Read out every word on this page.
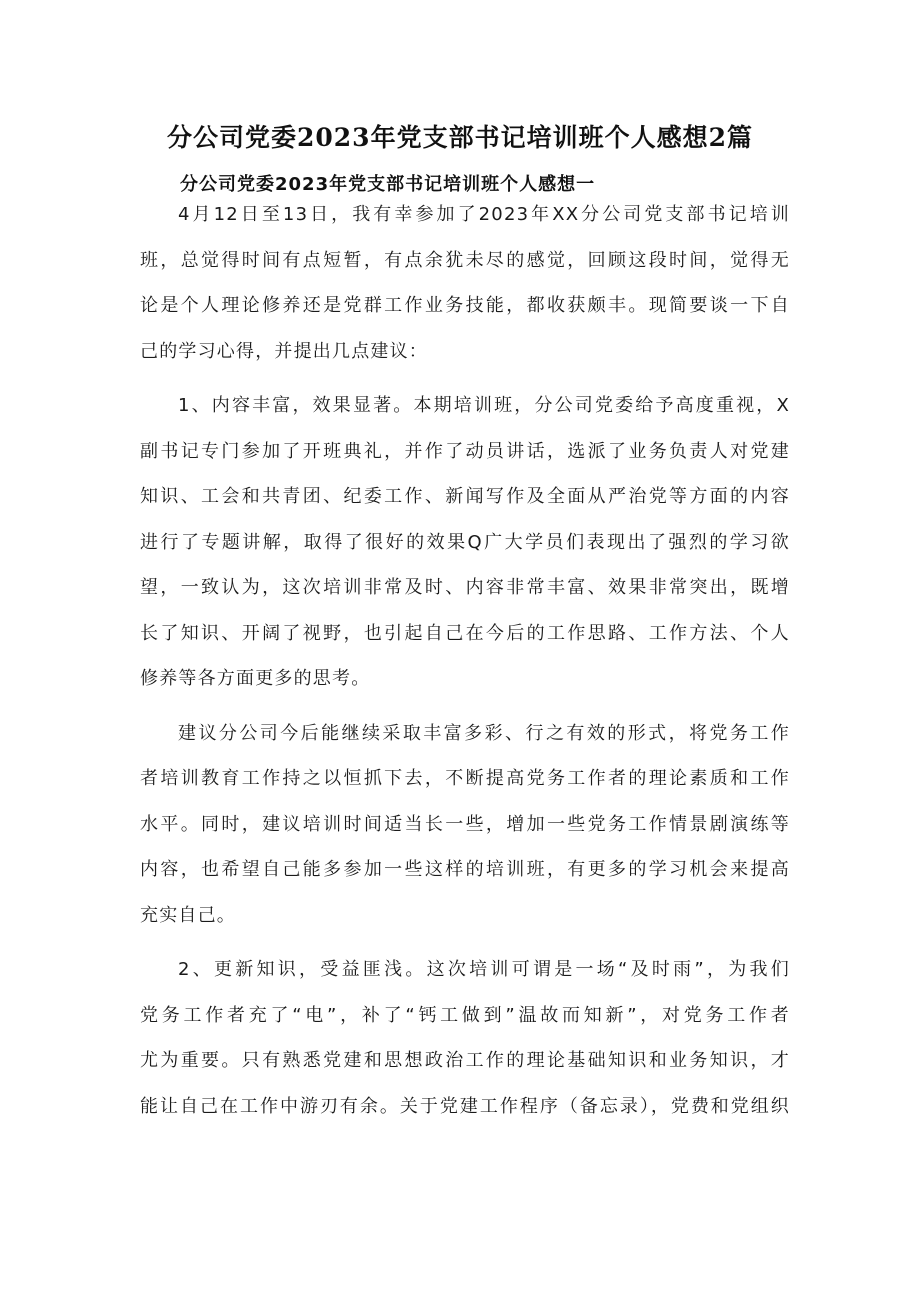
分公司党委2023年党支部书记培训班个人感想2篇
分公司党委2023年党支部书记培训班个人感想一

4月12日至13日，我有幸参加了2023年XX分公司党支部书记培训
班，总觉得时间有点短暂，有点余犹未尽的感觉，回顾这段时间，觉得无
论是个人理论修养还是党群工作业务技能，都收获颇丰。现简要谈一下自
己的学习心得，并提出几点建议：

1、内容丰富，效果显著。本期培训班，分公司党委给予高度重视，X
副书记专门参加了开班典礼，并作了动员讲话，选派了业务负责人对党建
知识、工会和共青团、纪委工作、新闻写作及全面从严治党等方面的内容
进行了专题讲解，取得了很好的效果Q广大学员们表现出了强烈的学习欲
望，一致认为，这次培训非常及时、内容非常丰富、效果非常突出，既增
长了知识、开阔了视野，也引起自己在今后的工作思路、工作方法、个人
修养等各方面更多的思考。

建议分公司今后能继续采取丰富多彩、行之有效的形式，将党务工作
者培训教育工作持之以恒抓下去，不断提高党务工作者的理论素质和工作
水平。同时，建议培训时间适当长一些，增加一些党务工作情景剧演练等
内容，也希望自己能多参加一些这样的培训班，有更多的学习机会来提高
充实自己。

2、更新知识，受益匪浅。这次培训可谓是一场“及时雨”，为我们
党务工作者充了“电”，补了“钙工做到”温故而知新”，对党务工作者
尤为重要。只有熟悉党建和思想政治工作的理论基础知识和业务知识，才
能让自己在工作中游刃有余。关于党建工作程序（备忘录），党费和党组织
